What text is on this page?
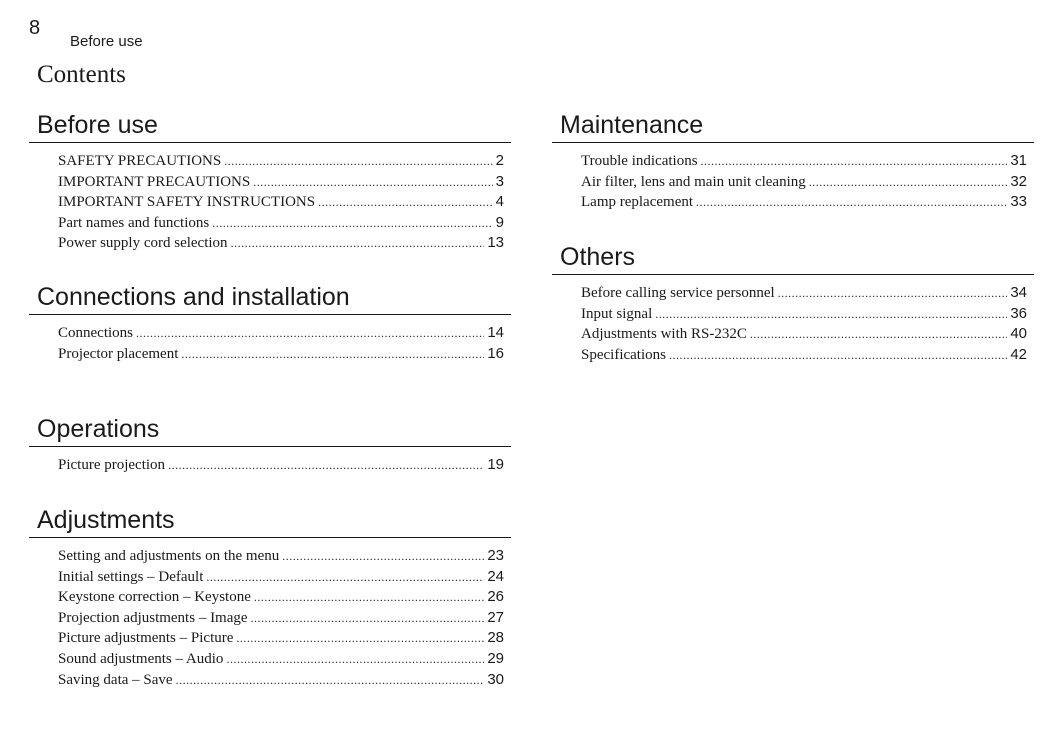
8
Before use
Contents
Before use
SAFETY PRECAUTIONS .....	2
IMPORTANT PRECAUTIONS .....	3
IMPORTANT SAFETY INSTRUCTIONS .....	4
Part names and functions .....	9
Power supply cord selection .....	13
Connections and installation
Connections .....	14
Projector placement .....	16
Operations
Picture projection .....	19
Adjustments
Setting and adjustments on the menu .....	23
Initial settings – Default .....	24
Keystone correction – Keystone .....	26
Projection adjustments – Image .....	27
Picture adjustments – Picture .....	28
Sound adjustments – Audio .....	29
Saving data – Save .....	30
Maintenance
Trouble indications .....	31
Air filter, lens and main unit cleaning .....	32
Lamp replacement .....	33
Others
Before calling service personnel .....	34
Input signal .....	36
Adjustments with RS-232C .....	40
Specifications .....	42
